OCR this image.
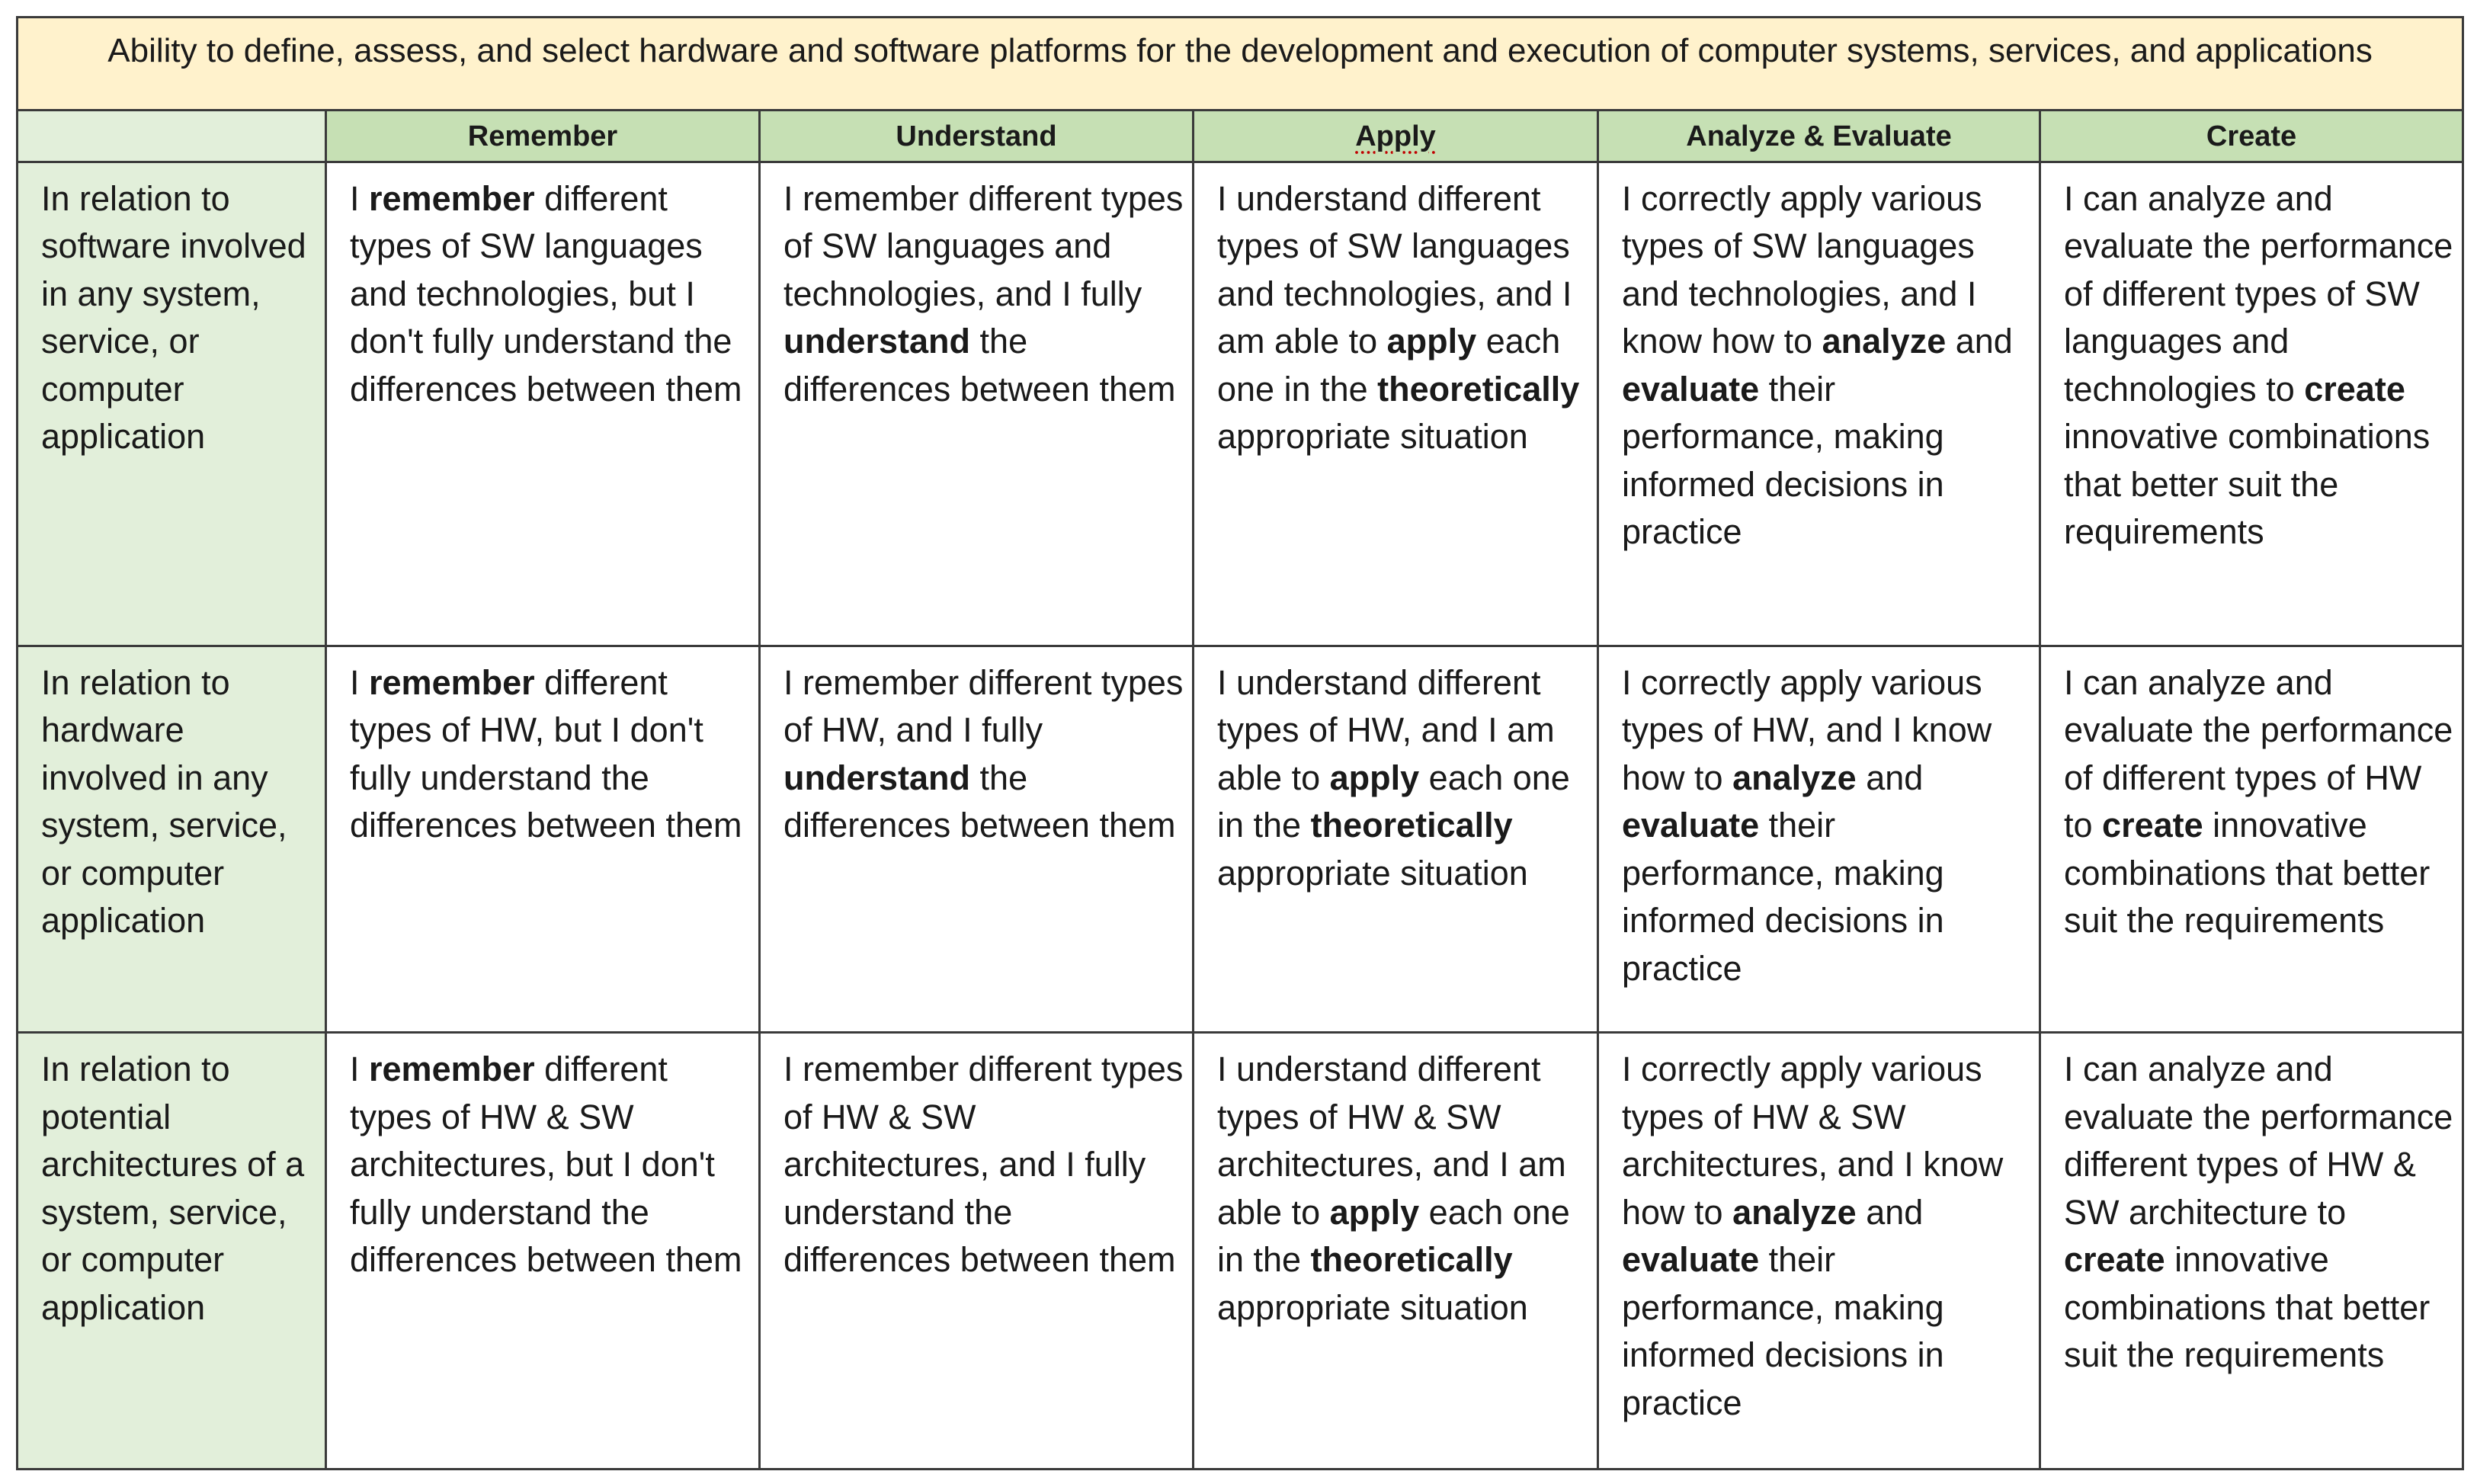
Ability to define, assess, and select hardware and software platforms for the development and execution of computer systems, services, and applications					
	Remember	Understand	Apply	Analyze & Evaluate	Create
In relation to software involved in any system, service, or computer application	I remember different types of SW languages and technologies, but I don't fully understand the differences between them	I remember different types of SW languages and technologies, and I fully understand the differences between them	I understand different types of SW languages and technologies, and I am able to apply each one in the theoretically appropriate situation	I correctly apply various types of SW languages and technologies, and I know how to analyze and evaluate their performance, making informed decisions in practice	I can analyze and evaluate the performance of different types of SW languages and technologies to create innovative combinations that better suit the requirements
In relation to hardware involved in any system, service, or computer application	I remember different types of HW, but I don't fully understand the differences between them	I remember different types of HW, and I fully understand the differences between them	I understand different types of HW, and I am able to apply each one in the theoretically appropriate situation	I correctly apply various types of HW, and I know how to analyze and evaluate their performance, making informed decisions in practice	I can analyze and evaluate the performance of different types of HW to create innovative combinations that better suit the requirements
In relation to potential architectures of a system, service, or computer application	I remember different types of HW & SW architectures, but I don't fully understand the differences between them	I remember different types of HW & SW architectures, and I fully understand the differences between them	I understand different types of HW & SW architectures, and I am able to apply each one in the theoretically appropriate situation	I correctly apply various types of HW & SW architectures, and I know how to analyze and evaluate their performance, making informed decisions in practice	I can analyze and evaluate the performance different types of HW & SW architecture to create innovative combinations that better suit the requirements
